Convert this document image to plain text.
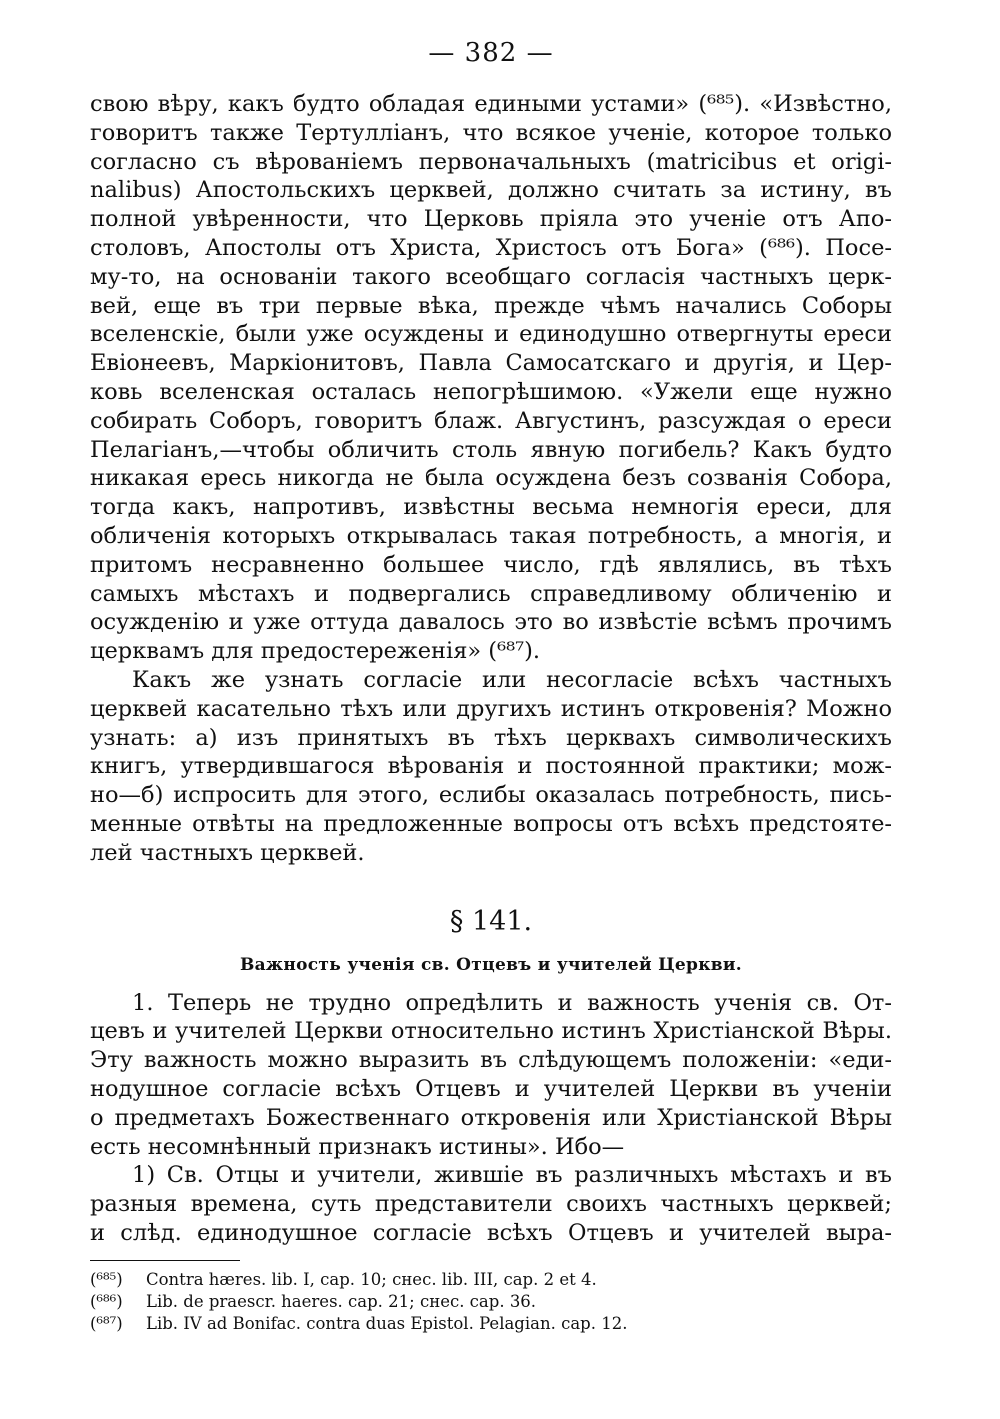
— 382 —
свою вѣру, какъ будто обладая едиными устами» (⁶⁸⁵). «Извѣстно,
говоритъ также Тертулліанъ, что всякое ученіе, которое только
согласно съ вѣрованіемъ первоначальныхъ (matricibus et origi-
nalibus) Апостольскихъ церквей, должно считать за истину, въ
полной увѣренности, что Церковь пріяла это ученіе отъ Апо-
столовъ, Апостолы отъ Христа, Христосъ отъ Бога» (⁶⁸⁶). Посе-
му-то, на основаніи такого всеобщаго согласія частныхъ церк-
вей, еще въ три первые вѣка, прежде чѣмъ начались Соборы
вселенскіе, были уже осуждены и единодушно отвергнуты ереси
Евіонеевъ, Маркіонитовъ, Павла Самосатскаго и другія, и Цер-
ковь вселенская осталась непогрѣшимою. «Ужели еще нужно
собирать Соборъ, говоритъ блаж. Августинъ, разсуждая о ереси
Пелагіанъ,—чтобы обличить столь явную погибель? Какъ будто
никакая ересь никогда не была осуждена безъ созванія Собора,
тогда какъ, напротивъ, извѣстны весьма немногія ереси, для
обличенія которыхъ открывалась такая потребность, а многія, и
притомъ несравненно большее число, гдѣ являлись, въ тѣхъ
самыхъ мѣстахъ и подвергались справедливому обличенію и
осужденію и уже оттуда давалось это во извѣстіе всѣмъ прочимъ
церквамъ для предостереженія» (⁶⁸⁷).
Какъ же узнать согласіе или несогласіе всѣхъ частныхъ
церквей касательно тѣхъ или другихъ истинъ откровенія? Можно
узнать: а) изъ принятыхъ въ тѣхъ церквахъ символическихъ
книгъ, утвердившагося вѣрованія и постоянной практики; мож-
но—б) испросить для этого, еслибы оказалась потребность, пись-
менные отвѣты на предложенные вопросы отъ всѣхъ предстояте-
лей частныхъ церквей.
§ 141.
Важность ученія св. Отцевъ и учителей Церкви.
1. Теперь не трудно опредѣлить и важность ученія св. От-
цевъ и учителей Церкви относительно истинъ Христіанской Вѣры.
Эту важность можно выразить въ слѣдующемъ положеніи: «еди-
нодушное согласіе всѣхъ Отцевъ и учителей Церкви въ ученіи
о предметахъ Божественнаго откровенія или Христіанской Вѣры
есть несомнѣнный признакъ истины». Ибо—
1) Св. Отцы и учители, жившіе въ различныхъ мѣстахъ и въ
разныя времена, суть представители своихъ частныхъ церквей;
и слѣд. единодушное согласіе всѣхъ Отцевъ и учителей выра-
(⁶⁸⁵) Contra hæres. lib. I, cap. 10; снес. lib. III, cap. 2 et 4.
(⁶⁸⁶) Lib. de praescr. haeres. cap. 21; снес. cap. 36.
(⁶⁸⁷) Lib. IV ad Bonifac. contra duas Epistol. Pelagian. cap. 12.
